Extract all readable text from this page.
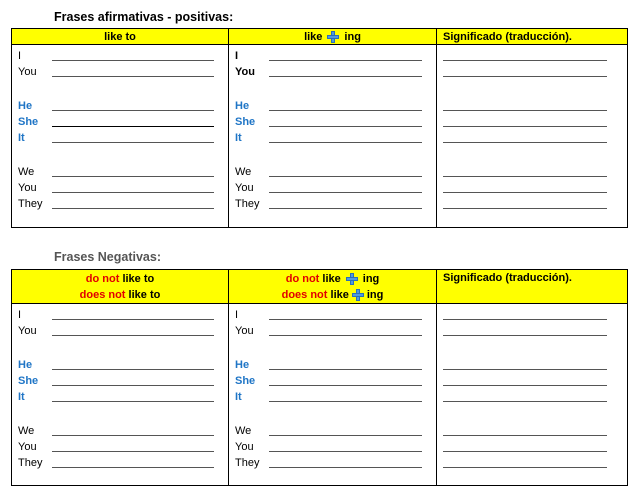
Frases afirmativas - positivas:
like to	like ing	Significado (traducción).
I
You
He
She
It
We
You
They
I
You
He
She
It
We
You
They
Frases Negativas:
do not
like to
does not
like to
do not
like ing
does not
like ing
Significado (traducción).
I
You
He
She
It
We
You
They
I
You
He
She
It
We
You
They
